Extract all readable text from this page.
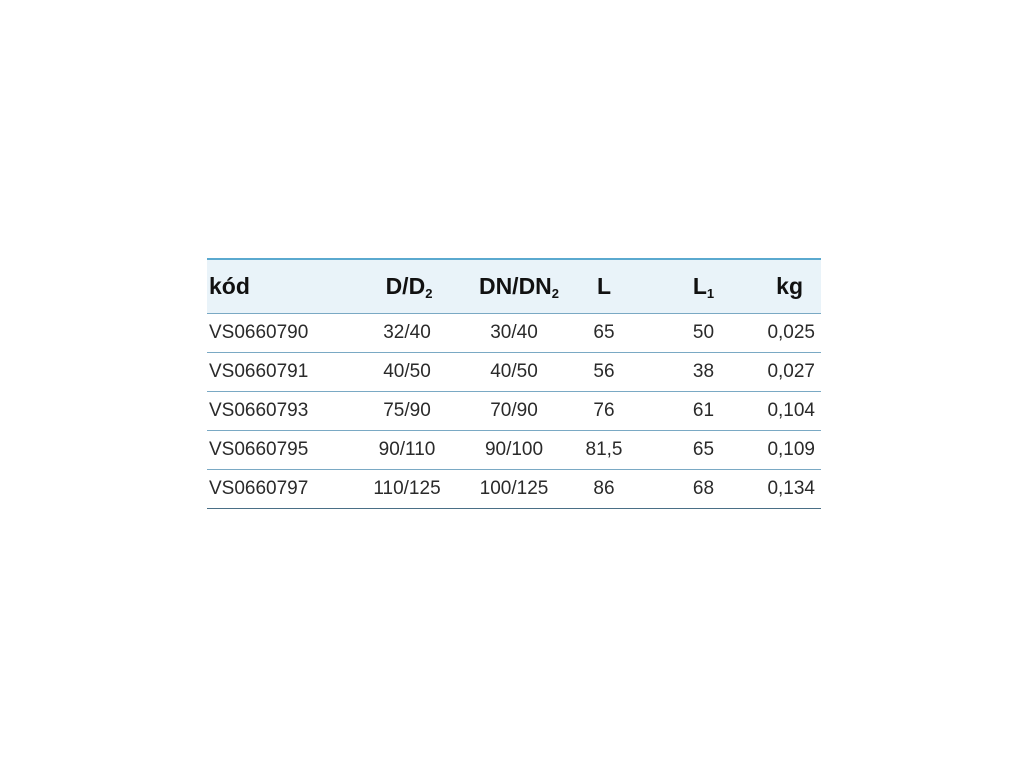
kód	$D/D_2$	$DN/DN_2$	L	$L_1$	kg
VS0660790	32/40	30/40	65	50	0,025
VS0660791	40/50	40/50	56	38	0,027
VS0660793	75/90	70/90	76	61	0,104
VS0660795	90/110	90/100	81,5	65	0,109
VS0660797	110/125	100/125	86	68	0,134
